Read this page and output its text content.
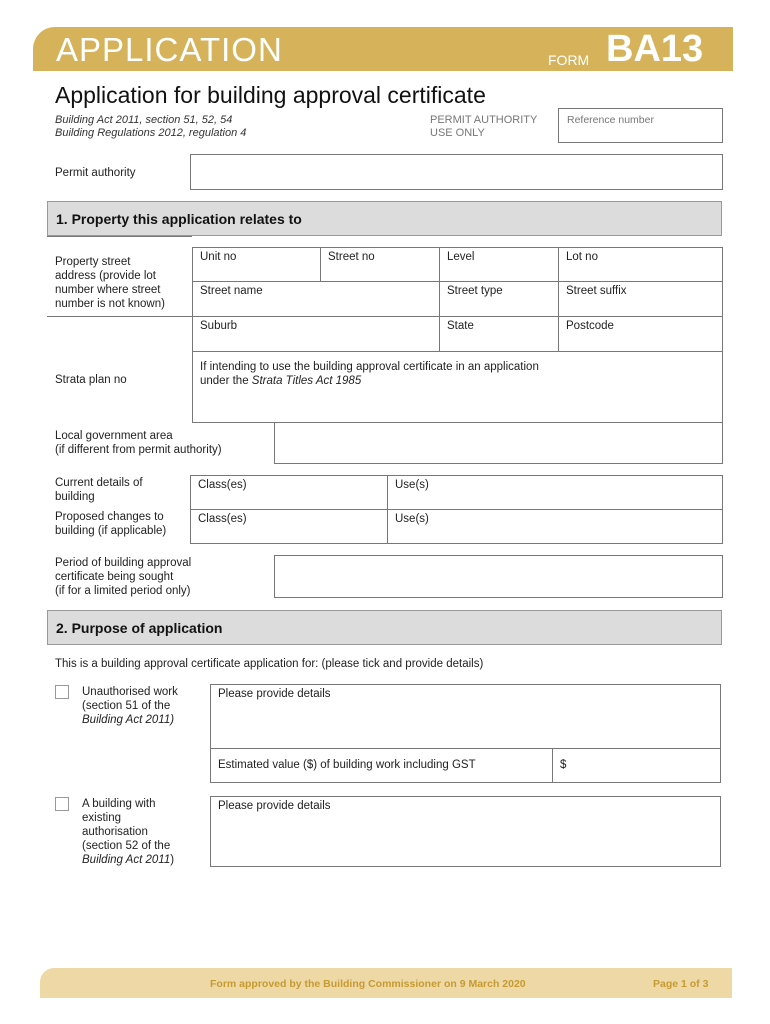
APPLICATION	FORM BA13
Application for building approval certificate
Building Act 2011, section 51, 52, 54
Building Regulations 2012, regulation 4
PERMIT AUTHORITY
USE ONLY
Reference number
Permit authority
1. Property this application relates to
Property street
address (provide lot
number where street
number is not known)
Unit no	Street no	Level	Lot no
Street name	Street type	Street suffix
Suburb	State	Postcode
Strata plan no
If intending to use the building approval certificate in an application
under the Strata Titles Act 1985
Local government area
(if different from permit authority)
Current details of
building
Proposed changes to
building (if applicable)
Class(es)	Use(s)
Class(es)	Use(s)
Period of building approval
certificate being sought
(if for a limited period only)
2. Purpose of application
This is a building approval certificate application for: (please tick and provide details)
Unauthorised work
(section 51 of the
Building Act 2011)
Please provide details
Estimated value ($) of building work including GST	$
A building with
existing
authorisation
(section 52 of the
Building Act 2011)
Please provide details
Form approved by the Building Commissioner on 9 March 2020	Page 1 of 3
